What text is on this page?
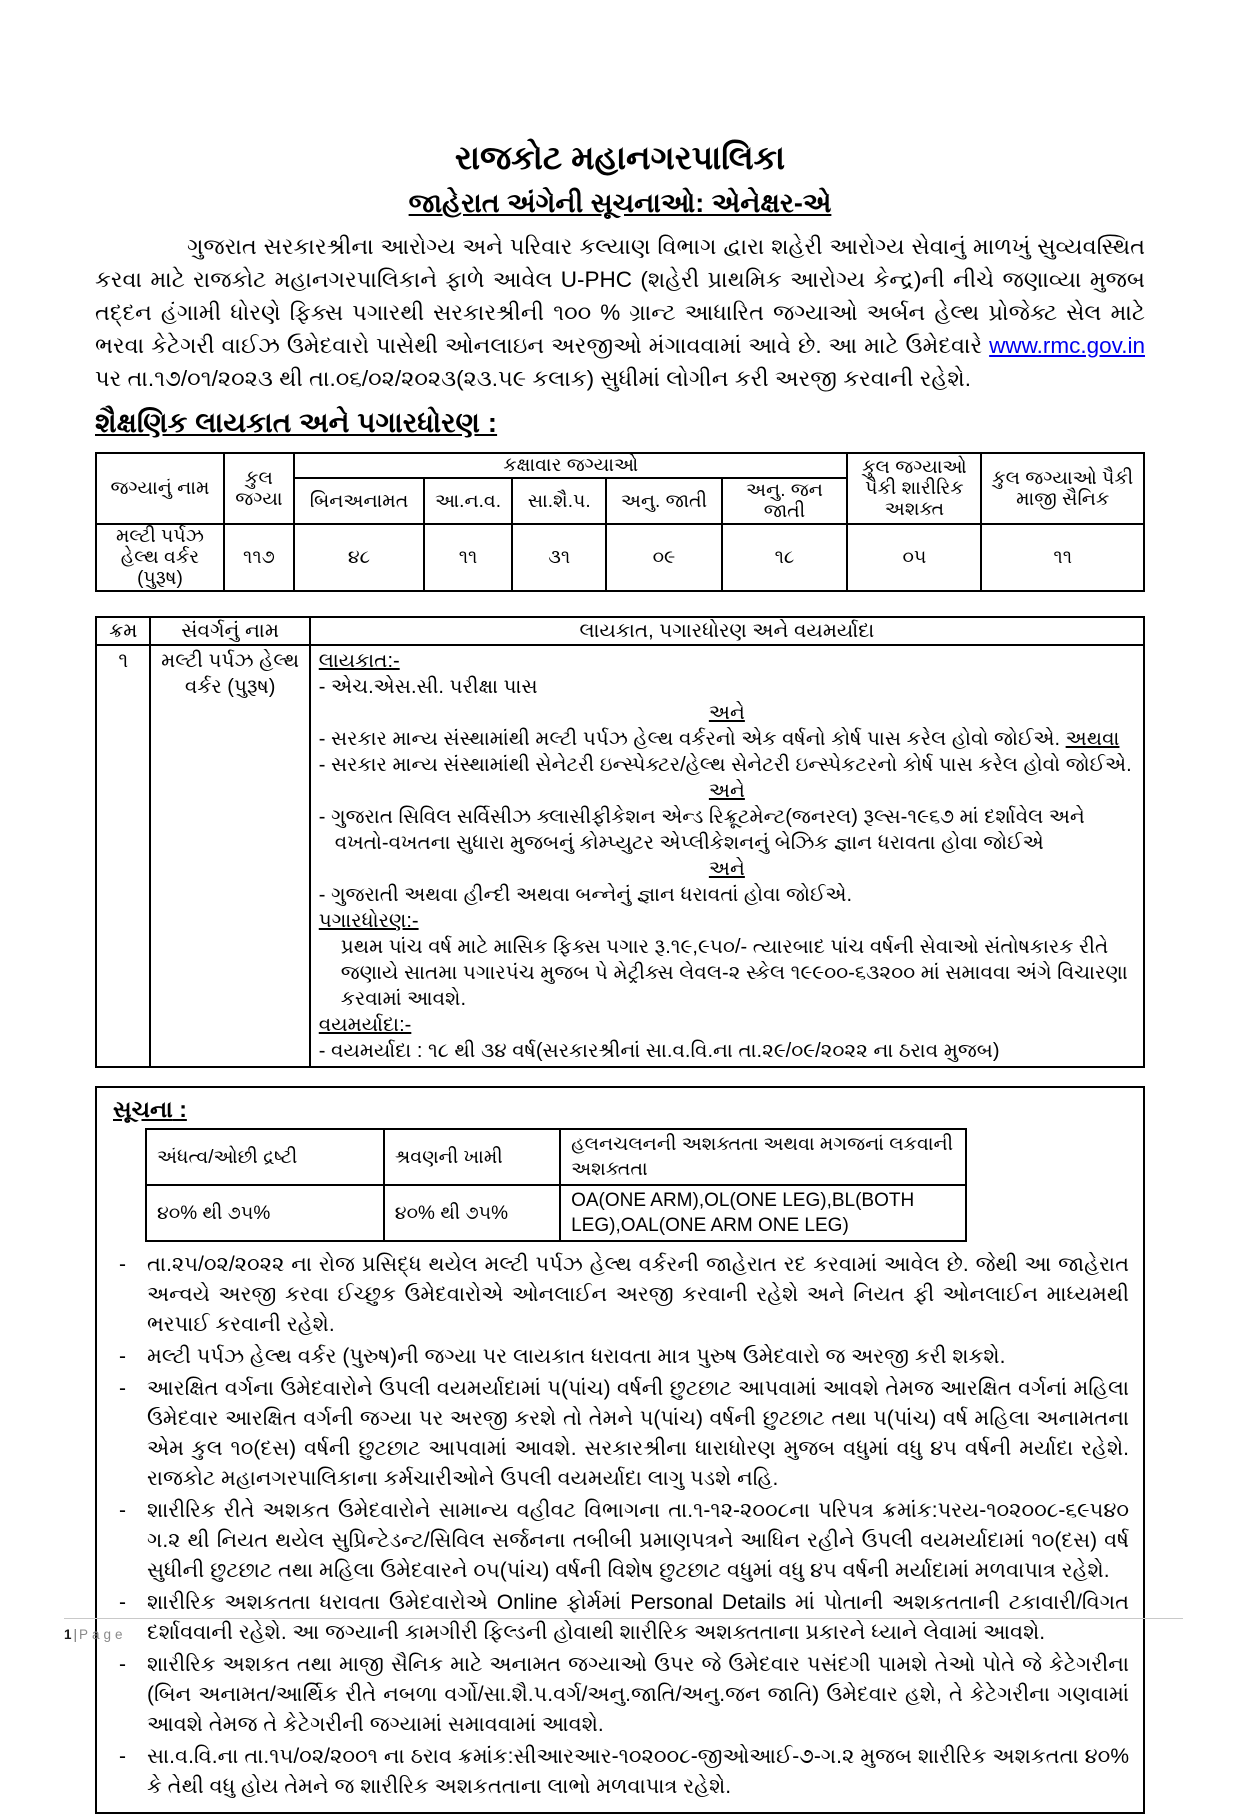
રાજકોટ મહાનગરપાલિકા
જાહેરાત અંગેની સૂચનાઓ: એનેક્ષર-એ
ગુજરાત સરકારશ્રીના આરોગ્ય અને પરિવાર કલ્યાણ વિભાગ દ્વારા શહેરી આરોગ્ય સેવાનું માળખું સુવ્યવસ્થિત કરવા માટે રાજકોટ મહાનગરપાલિકાને ફાળે આવેલ U-PHC (શહેરી પ્રાથમિક આરોગ્ય કેન્દ્ર)ની નીચે જણાવ્યા મુજબ તદ્દન હંગામી ધોરણે ફિક્સ પગારથી સરકારશ્રીની ૧૦૦ % ગ્રાન્ટ આધારિત જગ્યાઓ અર્બન હેલ્થ પ્રોજેક્ટ સેલ માટે ભરવા કેટેગરી વાઈઝ ઉમેદવારો પાસેથી ઓનલાઇન અરજીઓ મંગાવવામાં આવે છે. આ માટે ઉમેદવારે www.rmc.gov.in પર તા.૧૭/૦૧/૨૦૨૩ થી તા.૦૬/૦૨/૨૦૨૩(૨૩.૫૯ કલાક) સુધીમાં લોગીન કરી અરજી કરવાની રહેશે.
શૈક્ષણિક લાયકાત અને પગારધોરણ :
જગ્યાનું નામ	કુલ જગ્યા	કક્ષાવાર જગ્યાઓ					કુલ જગ્યાઓ પૈકી શારીરિક અશક્ત	કુલ જગ્યાઓ પૈકી માજી સૈનિક
		બિનઅનામત	આ.ન.વ.	સા.શૈ.પ.	અનુ. જાતી	અનુ. જન જાતી		
મલ્ટી પર્પઝ હેલ્થ વર્કર (પુરૂષ)	૧૧૭	૪૮	૧૧	૩૧	૦૯	૧૮	૦૫	૧૧
ક્રમ	સંવર્ગનું નામ	લાયકાત, પગારધોરણ અને વયમર્યાદા
૧	મલ્ટી પર્પઝ હેલ્થ વર્કર (પુરૂષ)	
લાયકાત:-
- એચ.એસ.સી. પરીક્ષા પાસ
અને
- સરકાર માન્ય સંસ્થામાંથી મલ્ટી પર્પઝ હેલ્થ વર્કરનો એક વર્ષનો કોર્ષ પાસ કરેલ હોવો જોઈએ. અથવા
- સરકાર માન્ય સંસ્થામાંથી સેનેટરી ઇન્સ્પેક્ટર/હેલ્થ સેનેટરી ઇન્સ્પેકટરનો કોર્ષ પાસ કરેલ હોવો જોઈએ.
અને
- ગુજરાત સિવિલ સર્વિસીઝ ક્લાસીફીકેશન એન્ડ રિક્રૂટમેન્ટ(જનરલ) રૂલ્સ-૧૯૬૭ માં દર્શાવેલ અને વખતો-વખતના સુધારા મુજબનું કોમ્પ્યુટર એપ્લીકેશનનું બેઝિક જ્ઞાન ધરાવતા હોવા જોઈએ
અને
- ગુજરાતી અથવા હીન્દી અથવા બન્નેનું જ્ઞાન ધરાવતાં હોવા જોઈએ.
પગારધોરણ:-
પ્રથમ પાંચ વર્ષ માટે માસિક ફિક્સ પગાર રૂ.૧૯,૯૫૦/- ત્યારબાદ પાંચ વર્ષની સેવાઓ સંતોષકારક રીતે જણાયે સાતમા પગારપંચ મુજબ પે મેટ્રીક્સ લેવલ-૨ સ્કેલ ૧૯૯૦૦-૬૩૨૦૦ માં સમાવવા અંગે વિચારણા કરવામાં આવશે.
વયમર્યાદા:-
- વયમર્યાદા : ૧૮ થી ૩૪ વર્ષ(સરકારશ્રીનાં સા.વ.વિ.ના તા.૨૯/૦૯/૨૦૨૨ ના ઠરાવ મુજબ)
સૂચના :
અંધત્વ/ઓછી દ્રષ્ટી	શ્રવણની ખામી	હલનચલનની અશક્તતા અથવા મગજનાં લકવાની અશક્તતા
૪૦% થી ૭૫%	૪૦% થી ૭૫%	OA(ONE ARM),OL(ONE LEG),BL(BOTH LEG),OAL(ONE ARM ONE LEG)
-	તા.૨૫/૦૨/૨૦૨૨ ના રોજ પ્રસિદ્ધ થયેલ મલ્ટી પર્પઝ હેલ્થ વર્કરની જાહેરાત રદ કરવામાં આવેલ છે. જેથી આ જાહેરાત અન્વયે અરજી કરવા ઈચ્છુક ઉમેદવારોએ ઓનલાઈન અરજી કરવાની રહેશે અને નિયત ફી ઓનલાઈન માધ્યમથી ભરપાઈ કરવાની રહેશે.
-	મલ્ટી પર્પઝ હેલ્થ વર્કર (પુરુષ)ની જગ્યા પર લાયકાત ધરાવતા માત્ર પુરુષ ઉમેદવારો જ અરજી કરી શકશે.
-	આરક્ષિત વર્ગના ઉમેદવારોને ઉપલી વયમર્યાદામાં પ(પાંચ) વર્ષની છુટછાટ આપવામાં આવશે તેમજ આરક્ષિત વર્ગનાં મહિલા ઉમેદવાર આરક્ષિત વર્ગની જગ્યા પર અરજી કરશે તો તેમને પ(પાંચ) વર્ષની છુટછાટ તથા પ(પાંચ) વર્ષ મહિલા અનામતના એમ કુલ ૧૦(દસ) વર્ષની છુટછાટ આપવામાં આવશે. સરકારશ્રીના ધારાધોરણ મુજબ વધુમાં વધુ ૪૫ વર્ષની મર્યાદા રહેશે. રાજકોટ મહાનગરપાલિકાના કર્મચારીઓને ઉપલી વયમર્યાદા લાગુ પડશે નહિ.
-	શારીરિક રીતે અશકત ઉમેદવારોને સામાન્ય વહીવટ વિભાગના તા.૧-૧૨-૨૦૦૮ના પરિપત્ર ક્રમાંક:પરય-૧૦૨૦૦૮-૬૯૫૪૦ ગ.૨ થી નિયત થયેલ સુપ્રિન્ટેડન્ટ/સિવિલ સર્જનના તબીબી પ્રમાણપત્રને આધિન રહીને ઉપલી વયમર્યાદામાં ૧૦(દસ) વર્ષ સુધીની છુટછાટ તથા મહિલા ઉમેદવારને ૦૫(પાંચ) વર્ષની વિશેષ છુટછાટ વધુમાં વધુ ૪૫ વર્ષની મર્યાદામાં મળવાપાત્ર રહેશે.
-	શારીરિક અશકતતા ધરાવતા ઉમેદવારોએ Online ફોર્મમાં Personal Details માં પોતાની અશકતતાની ટકાવારી/વિગત દર્શાવવાની રહેશે. આ જગ્યાની કામગીરી ફિલ્ડની હોવાથી શારીરિક અશક્તતાના પ્રકારને ધ્યાને લેવામાં આવશે.
-	શારીરિક અશકત તથા માજી સૈનિક માટે અનામત જગ્યાઓ ઉપર જે ઉમેદવાર પસંદગી પામશે તેઓ પોતે જે કેટેગરીના (બિન અનામત/આર્થિક રીતે નબળા વર્ગો/સા.શૈ.પ.વર્ગ/અનુ.જાતિ/અનુ.જન જાતિ) ઉમેદવાર હશે, તે કેટેગરીના ગણવામાં આવશે તેમજ તે કેટેગરીની જગ્યામાં સમાવવામાં આવશે.
-	સા.વ.વિ.ના તા.૧૫/૦૨/૨૦૦૧ ના ઠરાવ ક્રમાંક:સીઆરઆર-૧૦૨૦૦૮-જીઓઆઈ-૭-ગ.૨ મુજબ શારીરિક અશકતતા ૪૦% કે તેથી વધુ હોય તેમને જ શારીરિક અશકતતાના લાભો મળવાપાત્ર રહેશે.
1 | Page
